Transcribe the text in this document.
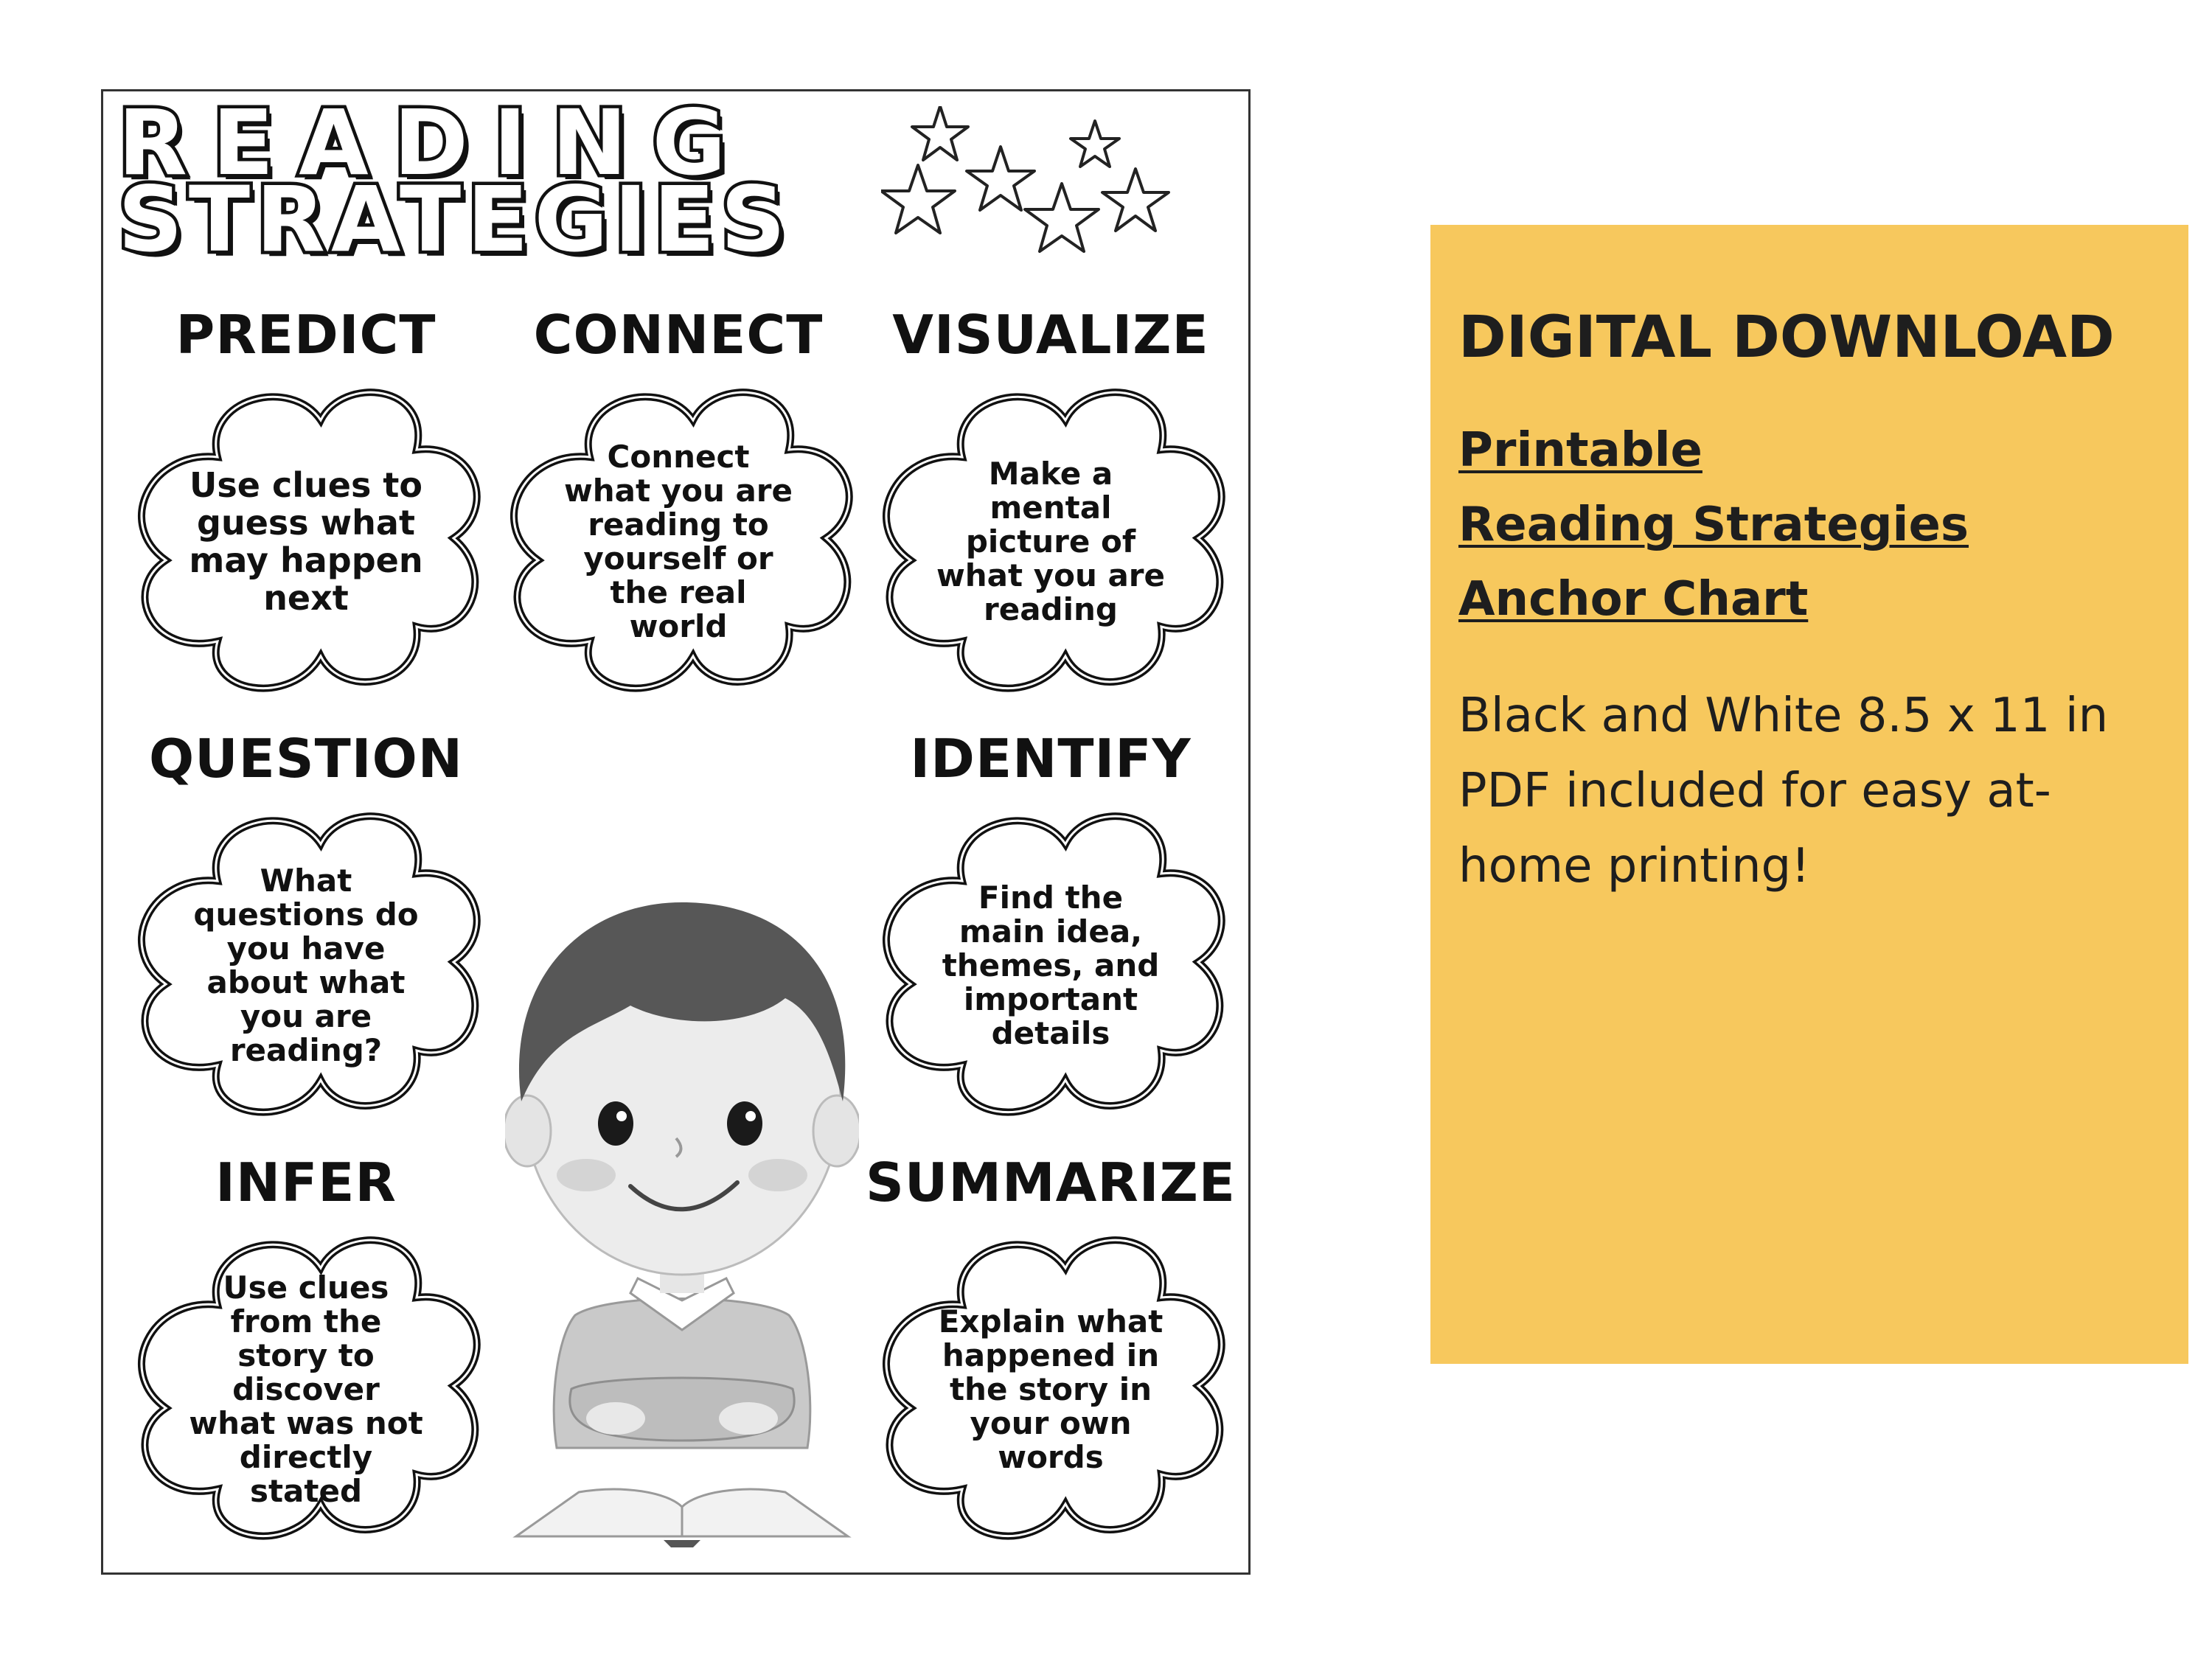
READING
STRATEGIES
PREDICT
Use clues to guess what may happen next
CONNECT
Connect what you are reading to yourself or the real world
VISUALIZE
Make a mental picture of what you are reading
QUESTION
What questions do you have about what you are reading?
IDENTIFY
Find the main idea, themes, and important details
INFER
Use clues from the story to discover what was not directly stated
SUMMARIZE
Explain what happened in the story in your own words
DIGITAL DOWNLOAD
Printable
Reading Strategies
Anchor Chart
Black and White 8.5 x 11 in PDF included for easy at-home printing!
